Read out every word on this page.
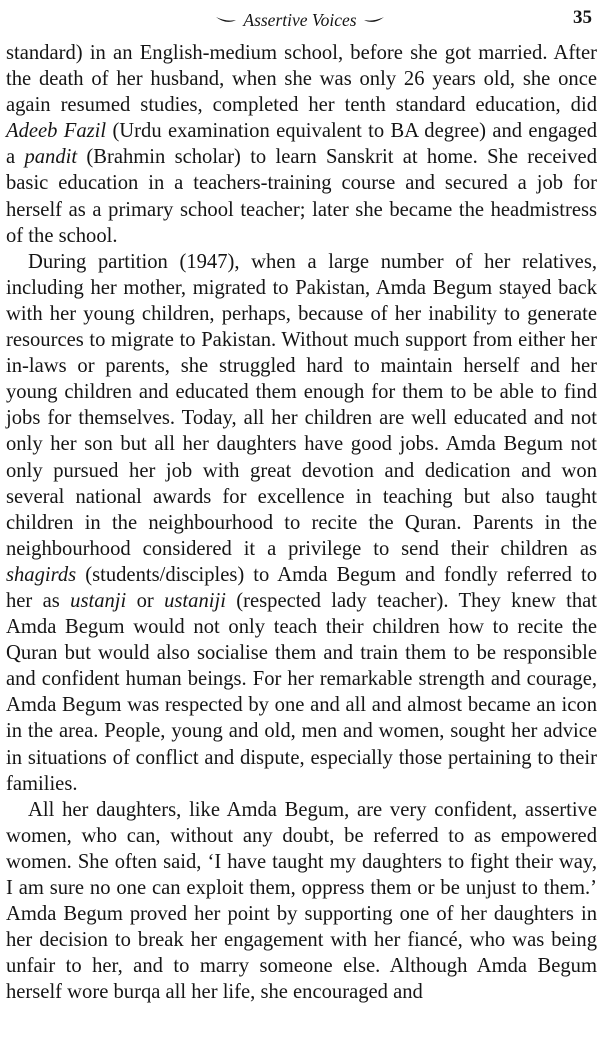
Assertive Voices	35

standard) in an English-medium school, before she got married. After the death of her husband, when she was only 26 years old, she once again resumed studies, completed her tenth standard education, did Adeeb Fazil (Urdu examination equivalent to BA degree) and engaged a pandit (Brahmin scholar) to learn Sanskrit at home. She received basic education in a teachers-training course and secured a job for herself as a primary school teacher; later she became the headmistress of the school.

During partition (1947), when a large number of her relatives, including her mother, migrated to Pakistan, Amda Begum stayed back with her young children, perhaps, because of her inability to generate resources to migrate to Pakistan. Without much support from either her in-laws or parents, she struggled hard to maintain herself and her young children and educated them enough for them to be able to find jobs for themselves. Today, all her children are well educated and not only her son but all her daughters have good jobs. Amda Begum not only pursued her job with great devotion and dedication and won several national awards for excellence in teaching but also taught children in the neighbourhood to recite the Quran. Parents in the neighbourhood considered it a privilege to send their children as shagirds (students/disciples) to Amda Begum and fondly referred to her as ustanji or ustaniji (respected lady teacher). They knew that Amda Begum would not only teach their children how to recite the Quran but would also socialise them and train them to be responsible and confident human beings. For her remarkable strength and courage, Amda Begum was respected by one and all and almost became an icon in the area. People, young and old, men and women, sought her advice in situations of conflict and dispute, especially those pertaining to their families.

All her daughters, like Amda Begum, are very confident, assertive women, who can, without any doubt, be referred to as empowered women. She often said, ‘I have taught my daughters to fight their way, I am sure no one can exploit them, oppress them or be unjust to them.’ Amda Begum proved her point by supporting one of her daughters in her decision to break her engagement with her fiancé, who was being unfair to her, and to marry someone else. Although Amda Begum herself wore burqa all her life, she encouraged and
